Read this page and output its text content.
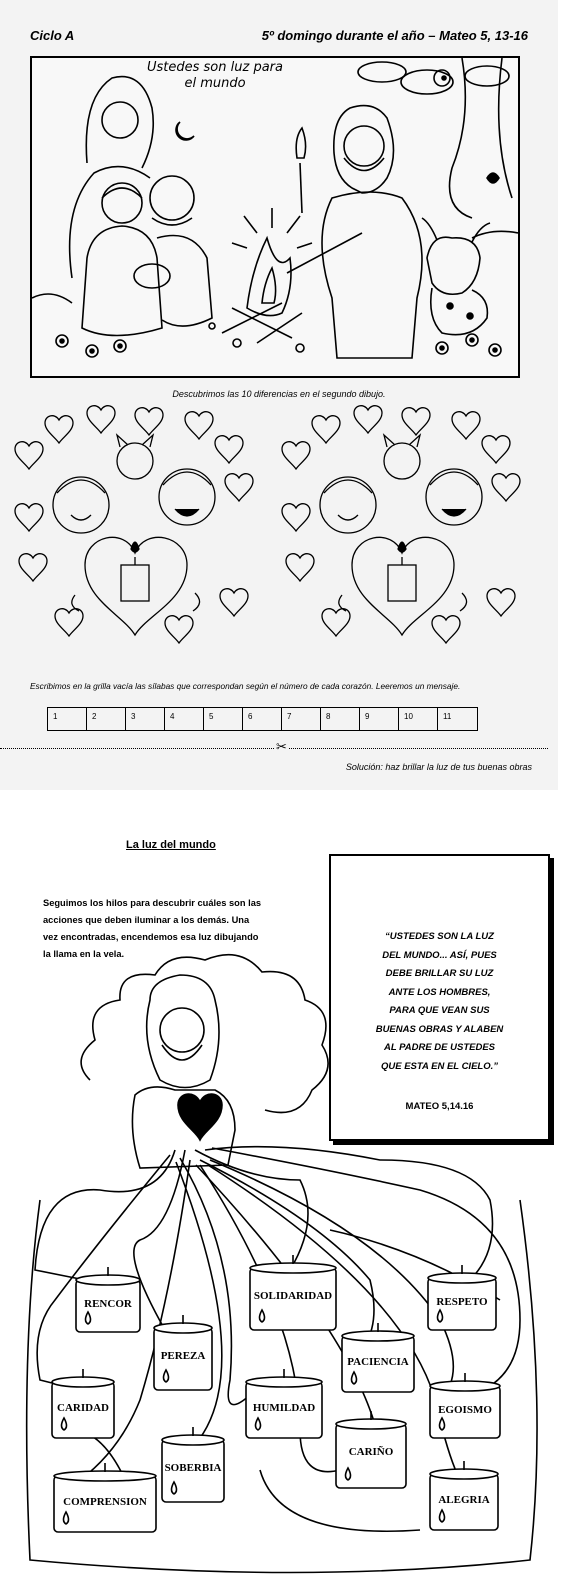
Ciclo A	5º domingo durante el año – Mateo 5, 13-16
Ustedes son luz para
el mundo
Descubrimos las 10 diferencias en el segundo dibujo.
Escribimos en la grilla vacía las sílabas que correspondan según el número de cada corazón. Leeremos un mensaje.
1	2	3	4	5	6	7	8	9	10	11
✂
Solución: haz brillar la luz de tus buenas obras
La luz del mundo
Seguimos los hilos para descubrir cuáles son las
acciones que deben iluminar a los demás. Una
vez encontradas, encendemos esa luz dibujando
la llama en la vela.
“USTEDES SON LA LUZ
DEL MUNDO... ASÍ, PUES
DEBE BRILLAR SU LUZ
ANTE LOS HOMBRES,
PARA QUE VEAN SUS
BUENAS OBRAS Y ALABEN
AL PADRE DE USTEDES
QUE ESTA EN EL CIELO.”
MATEO 5,14.16
RENCOR
SOLIDARIDAD
RESPETO
PEREZA	PACIENCIA
CARIDAD	HUMILDAD	EGOISMO
SOBERBIA
CARIÑO
COMPRENSION	ALEGRIA
